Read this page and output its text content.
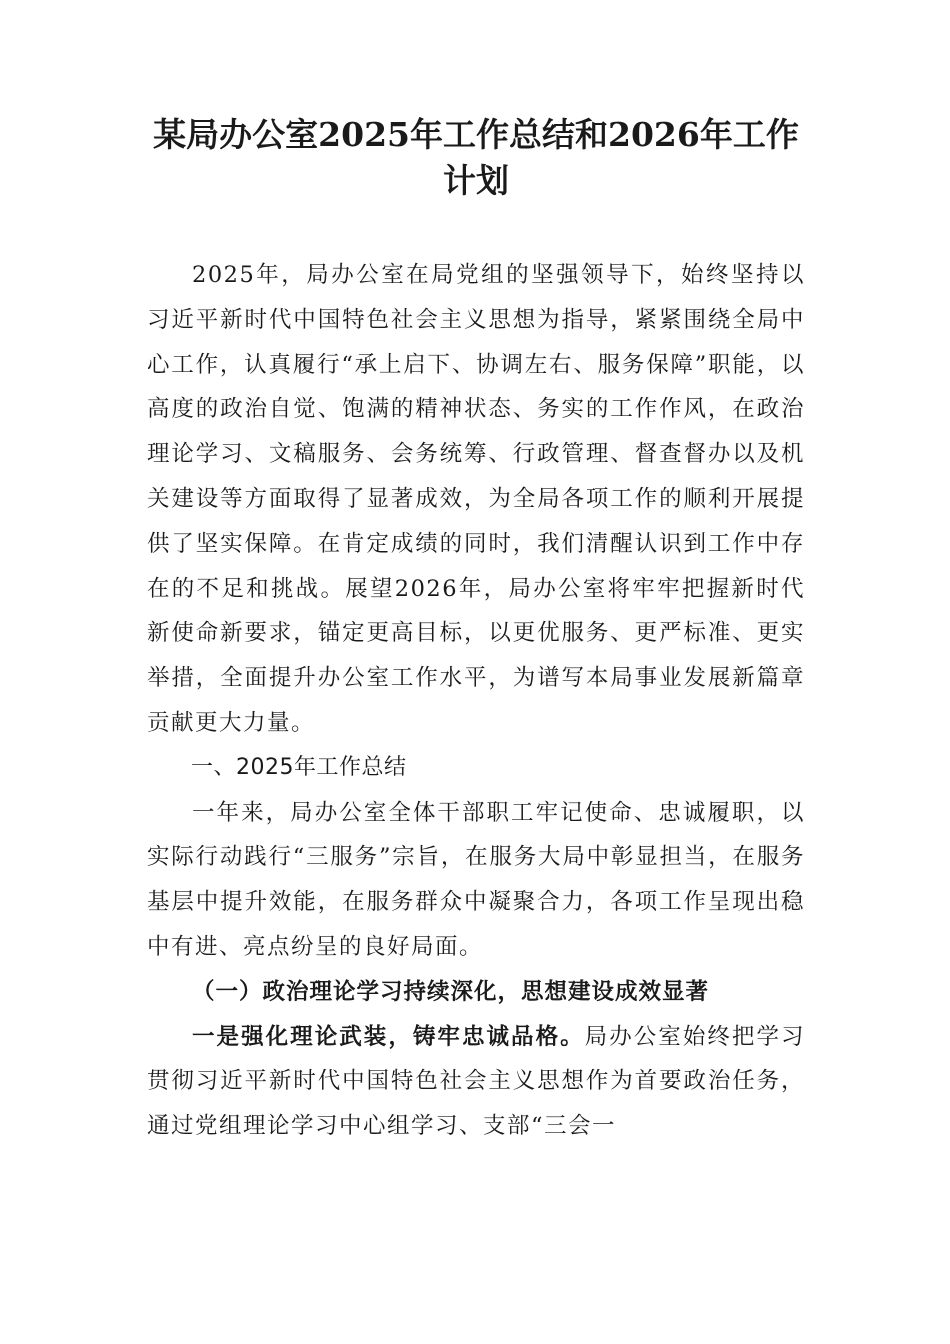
某局办公室2025年工作总结和2026年工作计划

2025年，局办公室在局党组的坚强领导下，始终坚持以习近平新时代中国特色社会主义思想为指导，紧紧围绕全局中心工作，认真履行“承上启下、协调左右、服务保障”职能，以高度的政治自觉、饱满的精神状态、务实的工作作风，在政治理论学习、文稿服务、会务统筹、行政管理、督查督办以及机关建设等方面取得了显著成效，为全局各项工作的顺利开展提供了坚实保障。在肯定成绩的同时，我们清醒认识到工作中存在的不足和挑战。展望2026年，局办公室将牢牢把握新时代新使命新要求，锚定更高目标，以更优服务、更严标准、更实举措，全面提升办公室工作水平，为谱写本局事业发展新篇章贡献更大力量。

一、2025年工作总结

一年来，局办公室全体干部职工牢记使命、忠诚履职，以实际行动践行“三服务”宗旨，在服务大局中彰显担当，在服务基层中提升效能，在服务群众中凝聚合力，各项工作呈现出稳中有进、亮点纷呈的良好局面。

（一）政治理论学习持续深化，思想建设成效显著

一是强化理论武装，铸牢忠诚品格。局办公室始终把学习贯彻习近平新时代中国特色社会主义思想作为首要政治任务，通过党组理论学习中心组学习、支部“三会一
